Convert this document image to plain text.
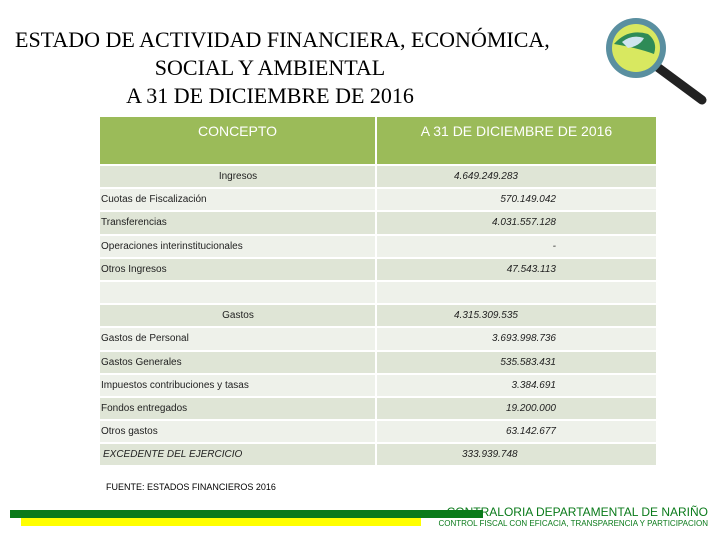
ESTADO DE ACTIVIDAD FINANCIERA, ECONÓMICA,
SOCIAL Y AMBIENTAL
A 31 DE DICIEMBRE DE 2016
CONCEPTO	A 31 DE DICIEMBRE DE 2016
Ingresos	4.649.249.283
Cuotas de Fiscalización	570.149.042
Transferencias	4.031.557.128
Operaciones interinstitucionales	-
Otros Ingresos	47.543.113
Gastos	4.315.309.535
Gastos de Personal	3.693.998.736
Gastos Generales	535.583.431
Impuestos contribuciones y tasas	3.384.691
Fondos entregados	19.200.000
Otros gastos	63.142.677
EXCEDENTE DEL EJERCICIO	333.939.748
FUENTE: ESTADOS FINANCIEROS 2016
CONTRALORIA DEPARTAMENTAL DE NARIÑO
CONTROL FISCAL CON EFICACIA, TRANSPARENCIA Y PARTICIPACION
